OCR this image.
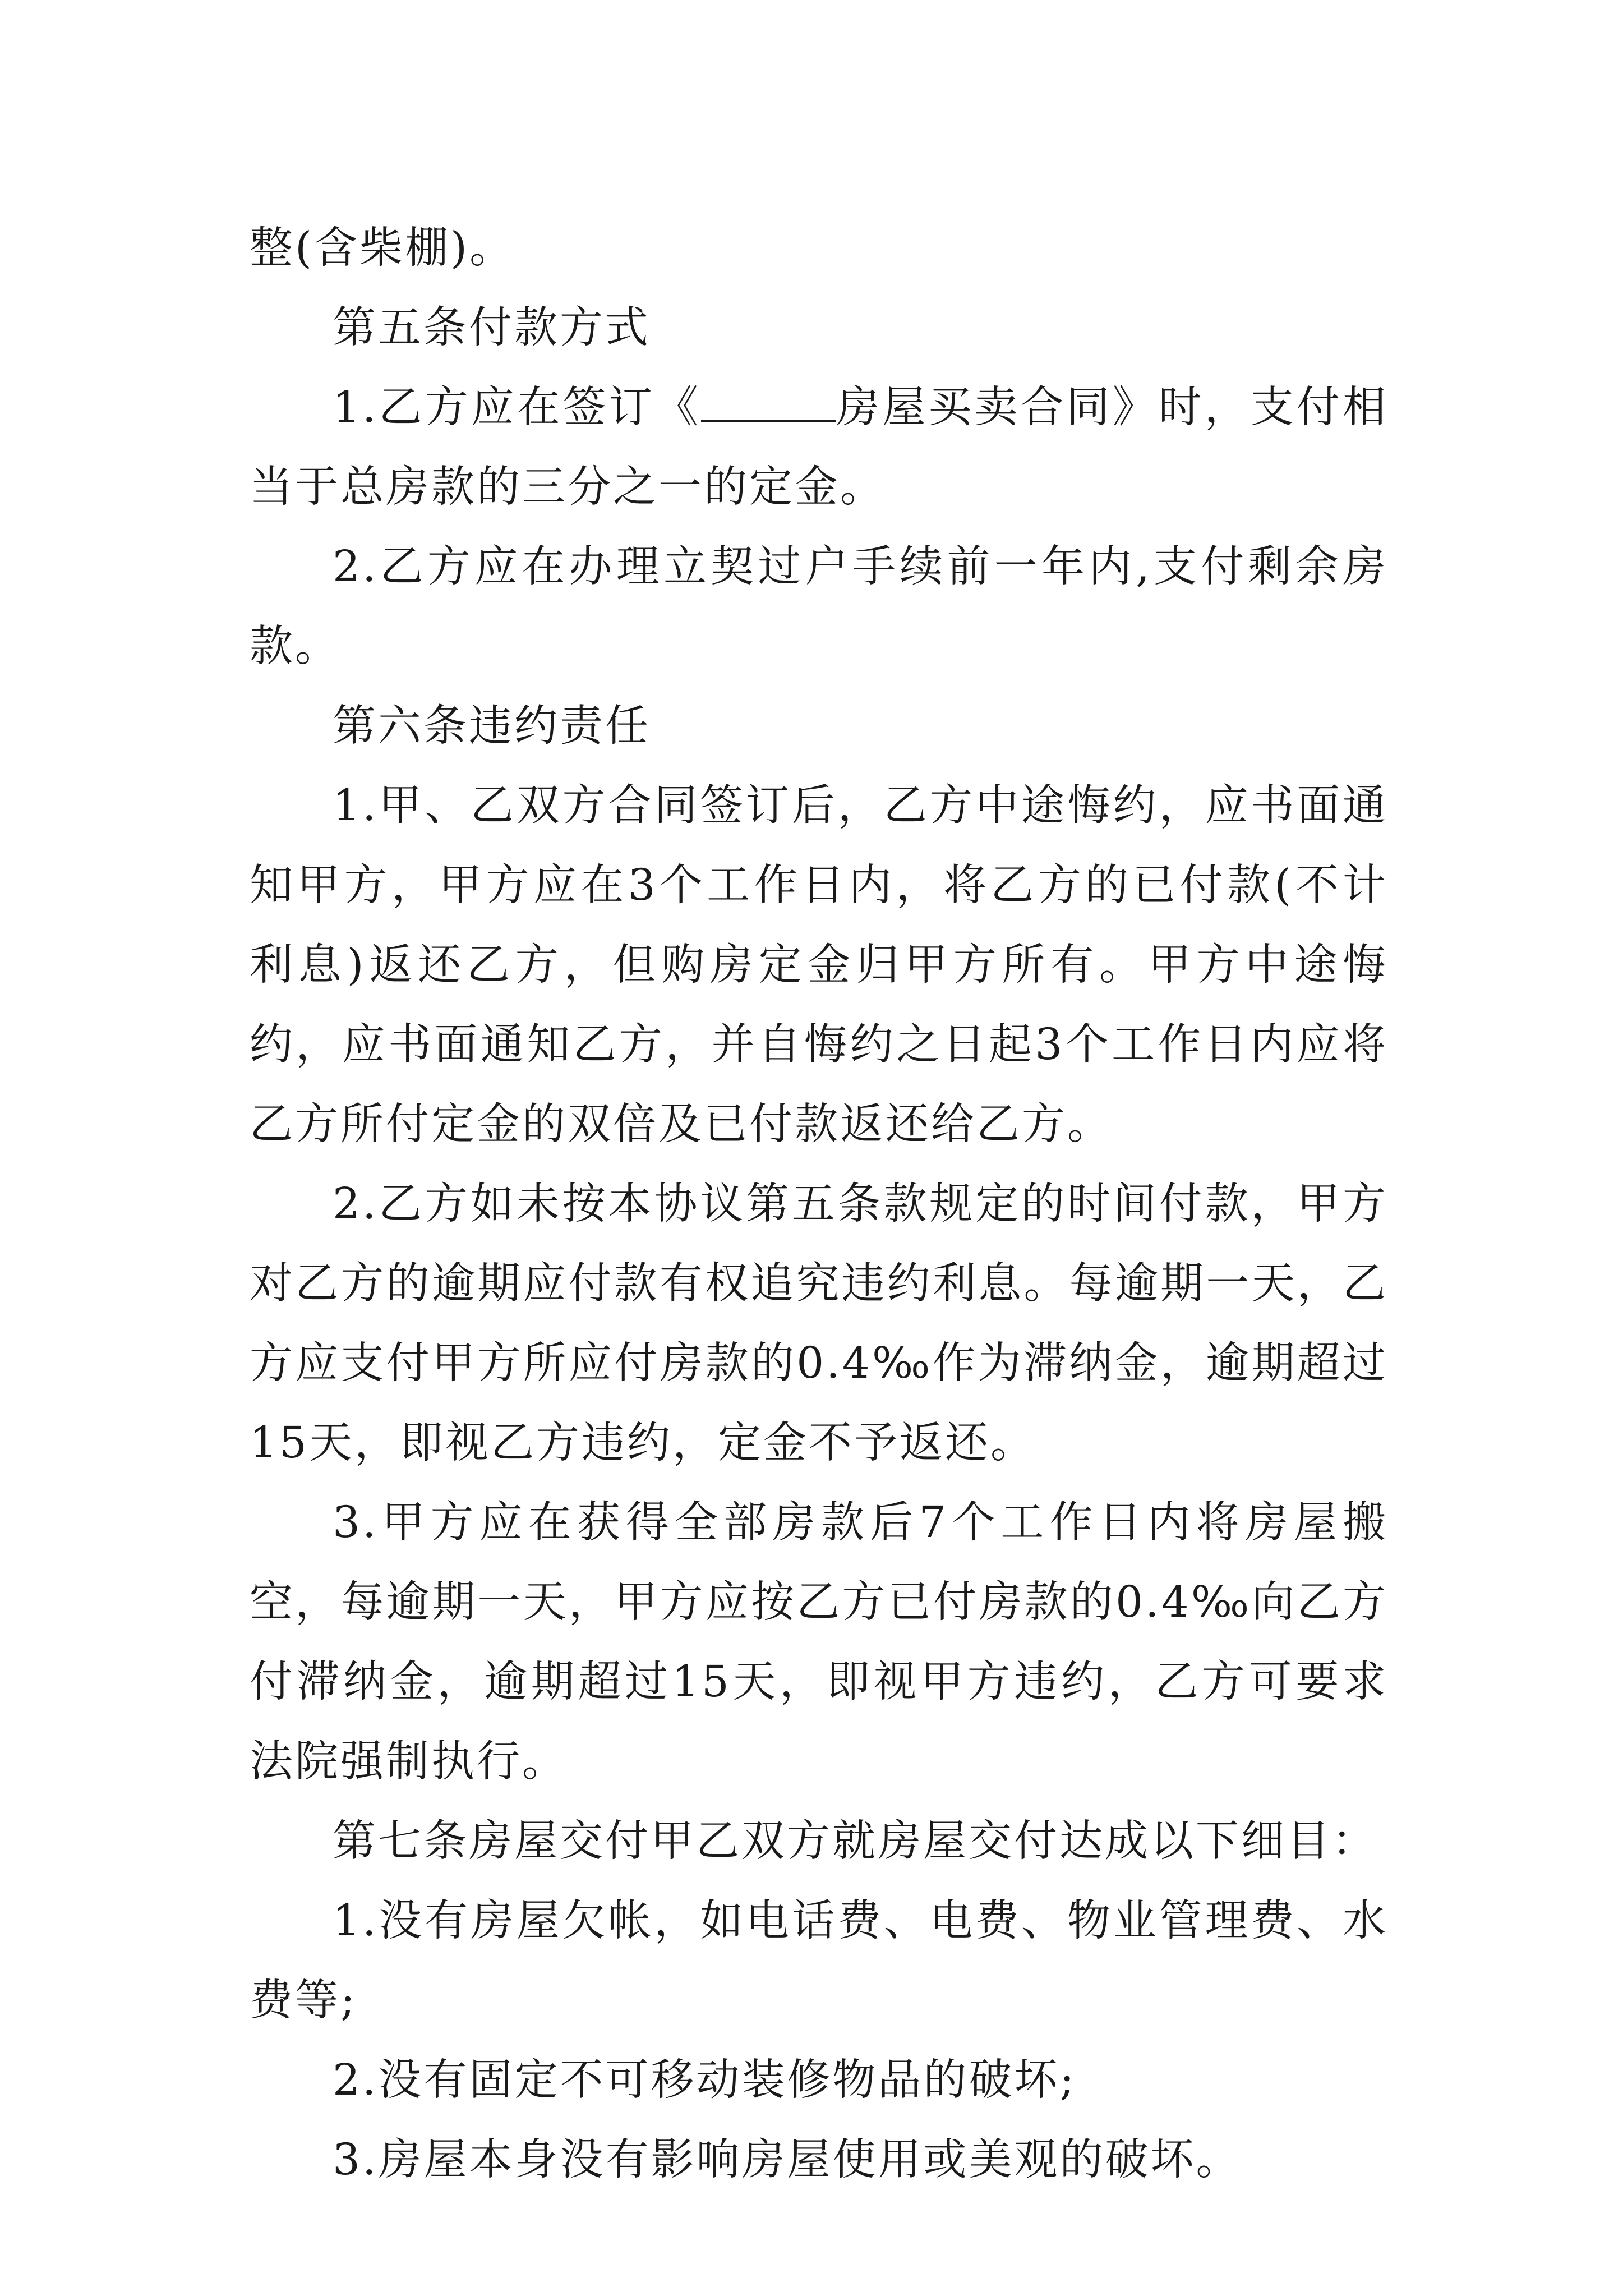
整(含柴棚)。

第五条付款方式

1.乙方应在签订《	房屋买卖合同》时，支付相当于总房款的三分之一的定金。

2.乙方应在办理立契过户手续前一年内,支付剩余房款。

第六条违约责任

1.甲、乙双方合同签订后，乙方中途悔约，应书面通知甲方，甲方应在3个工作日内，将乙方的已付款(不计利息)返还乙方，但购房定金归甲方所有。甲方中途悔约，应书面通知乙方，并自悔约之日起3个工作日内应将乙方所付定金的双倍及已付款返还给乙方。

2.乙方如未按本协议第五条款规定的时间付款，甲方对乙方的逾期应付款有权追究违约利息。每逾期一天，乙方应支付甲方所应付房款的0.4‰作为滞纳金，逾期超过15天，即视乙方违约，定金不予返还。

3.甲方应在获得全部房款后7个工作日内将房屋搬空，每逾期一天，甲方应按乙方已付房款的0.4‰向乙方付滞纳金，逾期超过15天，即视甲方违约，乙方可要求法院强制执行。

第七条房屋交付甲乙双方就房屋交付达成以下细目：

1.没有房屋欠帐，如电话费、电费、物业管理费、水费等;

2.没有固定不可移动装修物品的破坏;

3.房屋本身没有影响房屋使用或美观的破坏。
